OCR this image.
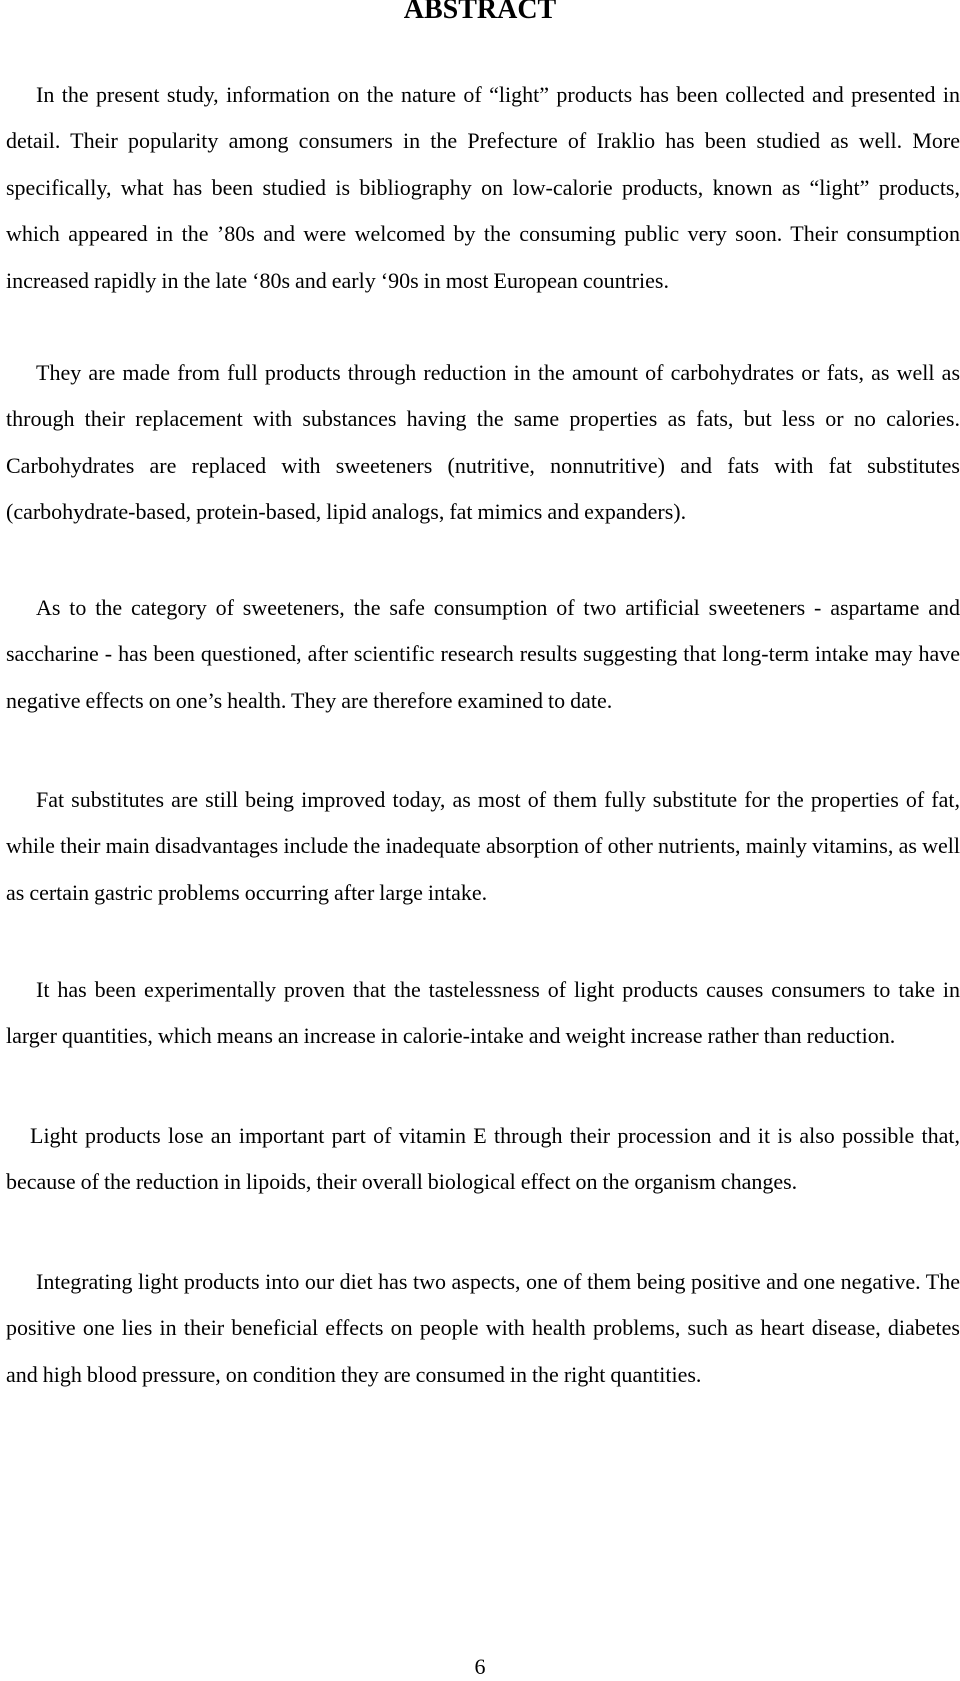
ABSTRACT

In the present study, information on the nature of “light” products has been collected and presented in detail. Their popularity among consumers in the Prefecture of Iraklio has been studied as well. More specifically, what has been studied is bibliography on low-calorie products, known as “light” products, which appeared in the ’80s and were welcomed by the consuming public very soon. Their consumption increased rapidly in the late ‘80s and early ‘90s in most European countries.

They are made from full products through reduction in the amount of carbohydrates or fats, as well as through their replacement with substances having the same properties as fats, but less or no calories. Carbohydrates are replaced with sweeteners (nutritive, nonnutritive) and fats with fat substitutes (carbohydrate-based, protein-based, lipid analogs, fat mimics and expanders).

As to the category of sweeteners, the safe consumption of two artificial sweeteners - aspartame and saccharine - has been questioned, after scientific research results suggesting that long-term intake may have negative effects on one’s health. They are therefore examined to date.

Fat substitutes are still being improved today, as most of them fully substitute for the properties of fat, while their main disadvantages include the inadequate absorption of other nutrients, mainly vitamins, as well as certain gastric problems occurring after large intake.

It has been experimentally proven that the tastelessness of light products causes consumers to take in larger quantities, which means an increase in calorie-intake and weight increase rather than reduction.

Light products lose an important part of vitamin E through their procession and it is also possible that, because of the reduction in lipoids, their overall biological effect on the organism changes.

Integrating light products into our diet has two aspects, one of them being positive and one negative. The positive one lies in their beneficial effects on people with health problems, such as heart disease, diabetes and high blood pressure, on condition they are consumed in the right quantities.

6
